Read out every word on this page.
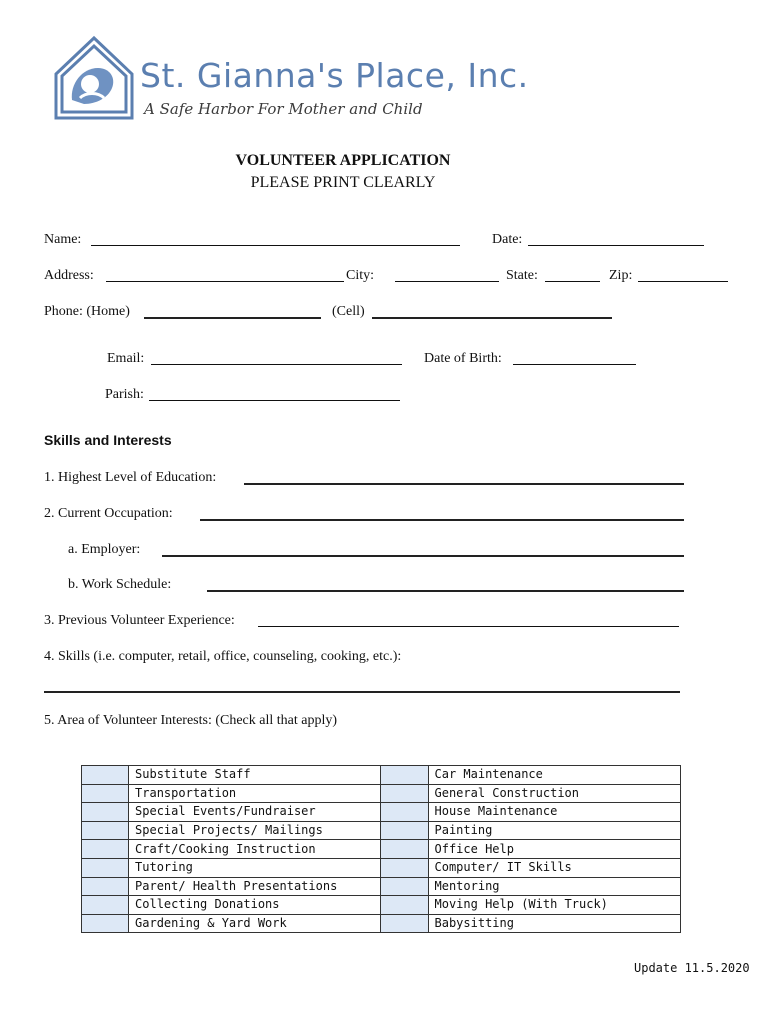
St. Gianna's Place, Inc.
A Safe Harbor For Mother and Child
VOLUNTEER APPLICATION
PLEASE PRINT CLEARLY
Name:	Date:
Address:	City:	State:	Zip:
Phone: (Home)	(Cell)
Email:	Date of Birth:
Parish:
Skills and Interests
1. Highest Level of Education:
2. Current Occupation:
a. Employer:
b. Work Schedule:
3. Previous Volunteer Experience:
4. Skills (i.e. computer, retail, office, counseling, cooking, etc.):
5. Area of Volunteer Interests: (Check all that apply)
	Substitute Staff		Car Maintenance
	Transportation		General Construction
	Special Events/Fundraiser		House Maintenance
	Special Projects/ Mailings		Painting
	Craft/Cooking Instruction		Office Help
	Tutoring		Computer/ IT Skills
	Parent/ Health Presentations		Mentoring
	Collecting Donations		Moving Help (With Truck)
	Gardening & Yard Work		Babysitting
Update 11.5.2020
